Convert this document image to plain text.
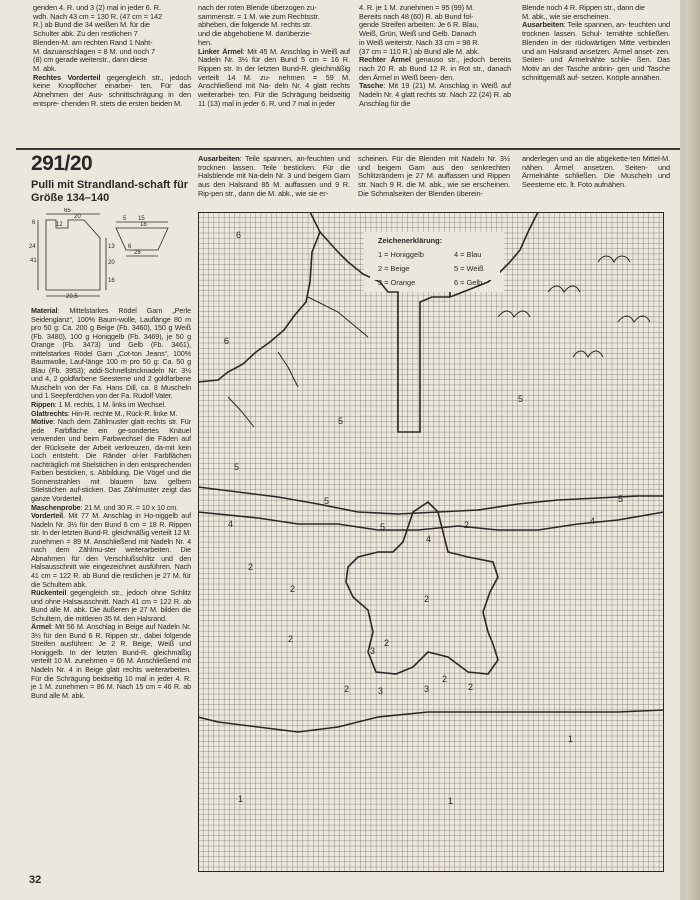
genden 4. R. und 3 (2) mal in jeder 6. R.
wdh. Nach 43 cm = 130 R. (47 cm = 142
R.) ab Bund die 34 weißen M. für die
Schulter abk. Zu den restlichen 7
Blenden-M. am rechten Rand 1 Naht-
M. dazuanschlagen = 8 M. und noch 7
(8) cm gerade weiterstr., dann diese
M. abk.

Rechtes Vorderteil gegengleich str., jedoch keine Knopflöcher einarbei- ten. Für das Abnehmen der Aus- schnittschrägung in den entspre- chenden R. stets die ersten beiden M.

nach der roten Blende überzogen zu-
sammenstr. = 1 M. wie zum Rechtsstr.
abheben, die folgende M. rechts str.
und die abgehobene M. darüberzie-
hen.

Linker Ärmel: Mit 45 M. Anschlag in Weiß auf Nadeln Nr. 3½ für den Bund 5 cm = 16 R. Rippen str. In der letzten Bund-R. gleichmäßig verteilt 14 M. zu- nehmen = 59 M. Anschließend mit Na- deln Nr. 4 glatt rechts weiterarbei- ten. Für die Schrägung beidseitig 11 (13) mal in jeder 6. R. und 7 mal in jeder

4. R. je 1 M. zunehmen = 95 (99) M.
Bereits nach 48 (60) R. ab Bund fol-
gende Streifen arbeiten: Je 6 R. Blau,
Weiß, Grün, Weiß und Gelb. Danach
in Weiß weiterstr. Nach 33 cm = 98 R.
(37 cm = 110 R.) ab Bund alle M. abk.

Rechter Ärmel genauso str., jedoch bereits nach 20 R. ab Bund 12 R. in Rot str., danach den Ärmel in Weiß been- den.

Tasche: Mit 19 (21) M. Anschlag in Weiß auf Nadeln Nr. 4 glatt rechts str. Nach 22 (24) R. ab Anschlag für die

Blende noch 4 R. Rippen str., dann die
M. abk., wie sie erscheinen.

Ausarbeiten: Teile spannen, an- feuchten und trocknen lassen. Schul- ternähte schließen. Blenden in der rückwärtigen Mitte verbinden und am Halsrand ansetzen. Ärmel anset- zen. Seiten- und Ärmelnähte schlie- ßen. Das Motiv an der Tasche anbrin- gen und Tasche schnittgemäß auf- setzen. Knöpfe annähen.

291/20
Pulli mit Strandland-schaft für Größe 134–140
65
12
20
6
5 15
18
24
41
20,5
13
20
28
6
16

Material: Mittelstarkes Rödel Garn „Perle Seidenglanz“, 100% Baum-wolle, Lauflänge 80 m pro 50 g: Ca. 200 g Beige (Fb. 3460), 150 g Weiß (Fb. 3480), 100 g Honiggelb (Fb. 3469), je 50 g Orange (Fb. 3473) und Gelb (Fb. 3461), mittelstarkes Rödel Garn „Cot-ton Jeans“, 100% Baumwolle, Lauf-länge 100 m pro 50 g: Ca. 50 g Blau (Fb. 3953); addi-Schnellstricknadeln Nr. 3½ und 4, 2 goldfarbene Seesterne und 2 goldfarbene Muscheln von der Fa. Hans Dill, ca. 8 Muscheln und 1 Seepferdchen von der Fa. Rudolf Vater.

Rippen: 1 M. rechts, 1 M. links im Wechsel.

Glattrechts: Hin-R. rechte M., Rück-R. linke M.

Motive: Nach dem Zählmuster glatt rechts str. Für jede Farbfläche ein ge-sondertes Knäuel verwenden und beim Farbwechsel die Fäden auf der Rückseite der Arbeit verkreuzen, da-mit kein Loch entsteht. Die Ränder ol-ler Farbflächen nachträglich mit Stielstichen in den entsprechenden Farben besticken, s. Abbildung. Die Vögel und die Sonnenstrahlen mit blauem bzw. gelbem Stielstichen auf-sticken. Das Zählmuster zeigt das ganze Vorderteil.

Maschenprobe: 21 M. und 30 R. = 10 x 10 cm.

Vorderteil. Mit 77 M. Anschlag in Ho-niggelb auf Nadeln Nr. 3½ für den Bund 6 cm = 18 R. Rippen str. In der letzten Bund-R. gleichmäßig verteilt 12 M. zunehmen = 89 M. Anschließend mit Nadeln Nr. 4 nach dem Zählmu-ster weiterarbeiten. Die Abnahmen für den Verschlußschlitz und den Halsausschnitt wie eingezeichnet ausführen. Nach 41 cm = 122 R. ab Bund die restlichen je 27 M. für die Schultern abk.

Rückenteil gegengleich str., jedoch ohne Schlitz und ohne Halsausschnitt. Nach 41 cm = 122 R. ab Bund alle M. abk. Die äußeren je 27 M. bilden die Schultern, die mittleren 35 M. den Halsrand.

Ärmel: Mit 56 M. Anschlag in Beige auf Nadeln Nr. 3½ für den Bund 6 R. Rippen str., dabei folgende Streifen ausführen: Je 2 R. Beige, Weiß und Honiggelb. In der letzten Bund-R. gleichmäßig verteilt 10 M. zunehmen = 66 M. Anschließend mit Nadeln Nr. 4 in Beige glatt rechts weiterarbeiten. Für die Schrägung beidseitig 10 mal in jeder 4. R. je 1 M. zunehmen = 86 M. Nach 15 cm = 46 R. ab Bund alle M. abk.

Ausarbeiten: Teile spannen, an-feuchten und trocknen lassen. Teile besticken. Für die Halsblende mit Na-deln Nr. 3 und beigem Garn aus den Halsrand 85 M. auffassen und 9 R. Rip-pen str., dann die M. abk., wie sie er-

scheinen. Für die Blenden mit Nadeln Nr. 3½ und beigem Garn aus den senkrechten Schlitzrändern je 27 M. auffassen und Rippen str. Nach 9 R. die M. abk., wie sie erscheinen. Die Schmalseiten der Blenden überein-

anderlegen und an die abgekette-ten Mittel-M. nähen. Ärmel ansetzen. Seiten- und Ärmelnähte schließen. Die Muscheln und Seesterne etc. lt. Foto aufnähen.

6
6
5
5
5
5
4	4
4
5
5
2
2
2
2
2
2
3
3	2
2
3
2
1	1
1
Zeichenerklärung:
1 = Honiggelb	4 = Blau
2 = Beige	5 = Weiß
3 = Orange	6 = Gelb
32
